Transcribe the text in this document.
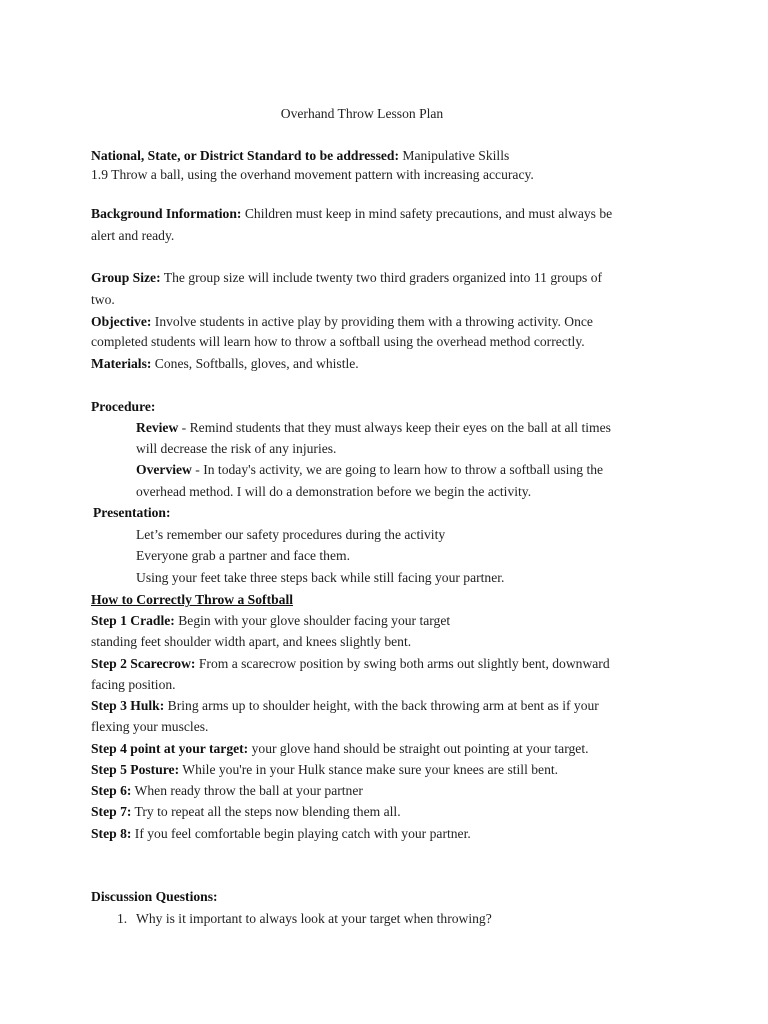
Overhand Throw Lesson Plan
National, State, or District Standard to be addressed: Manipulative Skills
1.9 Throw a ball, using the overhand movement pattern with increasing accuracy.
Background Information: Children must keep in mind safety precautions, and must always be
alert and ready.
Group Size: The group size will include twenty two third graders organized into 11 groups of
two.
Objective: Involve students in active play by providing them with a throwing activity. Once
completed students will learn how to throw a softball using the overhead method correctly.
Materials: Cones, Softballs, gloves, and whistle.
Procedure:
Review - Remind students that they must always keep their eyes on the ball at all times
will decrease the risk of any injuries.
Overview - In today's activity, we are going to learn how to throw a softball using the
overhead method. I will do a demonstration before we begin the activity.
Presentation:
Let’s remember our safety procedures during the activity
Everyone grab a partner and face them.
Using your feet take three steps back while still facing your partner.
How to Correctly Throw a Softball
Step 1 Cradle: Begin with your glove shoulder facing your target
standing feet shoulder width apart, and knees slightly bent.
Step 2 Scarecrow: From a scarecrow position by swing both arms out slightly bent, downward
facing position.
Step 3 Hulk: Bring arms up to shoulder height, with the back throwing arm at bent as if your
flexing your muscles.
Step 4 point at your target: your glove hand should be straight out pointing at your target.
Step 5 Posture: While you're in your Hulk stance make sure your knees are still bent.
Step 6: When ready throw the ball at your partner
Step 7: Try to repeat all the steps now blending them all.
Step 8: If you feel comfortable begin playing catch with your partner.
Discussion Questions:
1. Why is it important to always look at your target when throwing?
